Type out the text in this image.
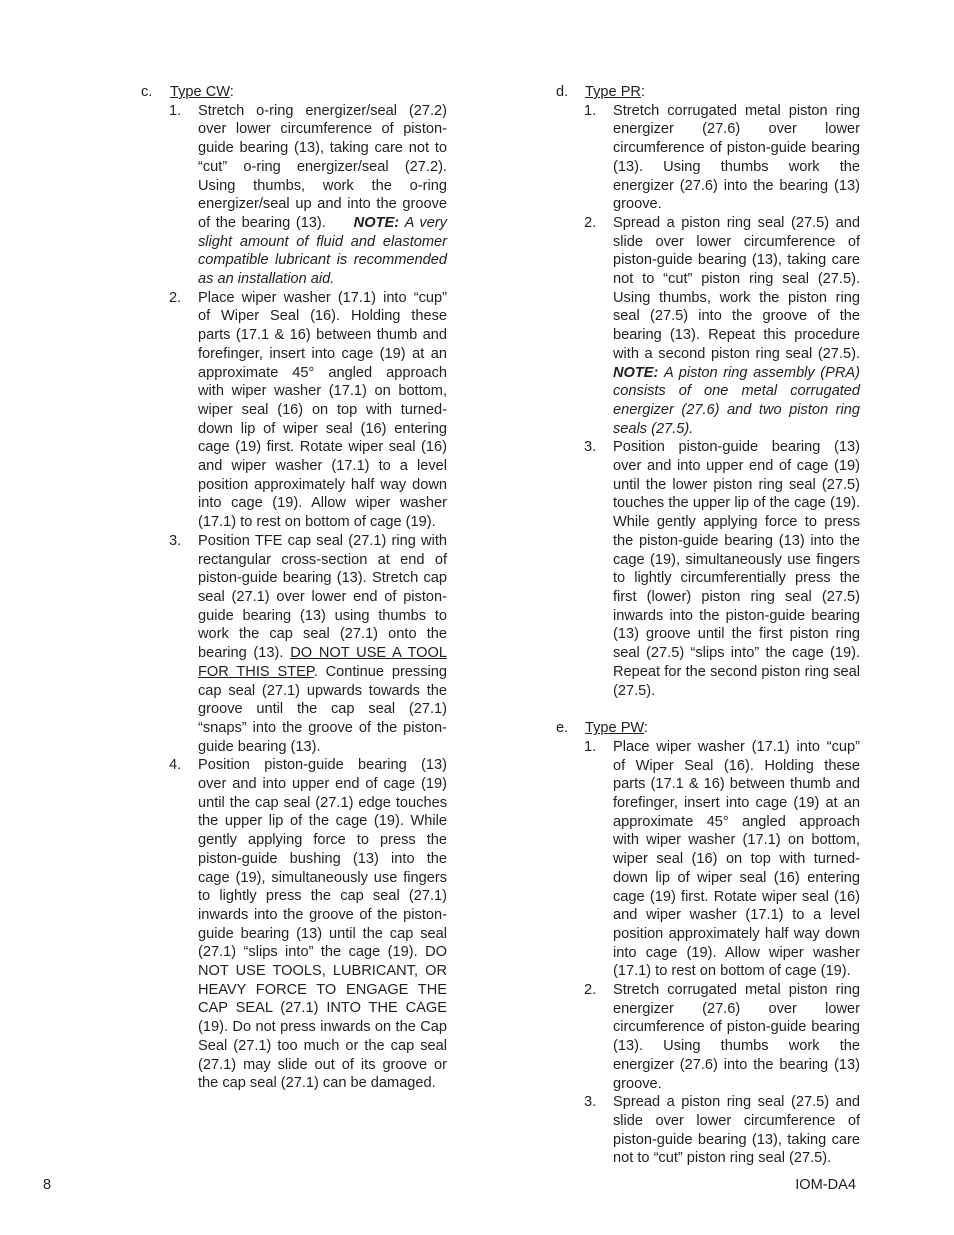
c. Type CW:
1. Stretch o-ring energizer/seal (27.2) over lower circumference of piston-guide bearing (13), taking care not to “cut” o-ring energizer/seal (27.2). Using thumbs, work the o-ring energizer/seal up and into the groove of the bearing (13). NOTE: A very slight amount of fluid and elastomer compatible lubricant is recommended as an installation aid.
2. Place wiper washer (17.1) into “cup” of Wiper Seal (16). Holding these parts (17.1 & 16) between thumb and forefinger, insert into cage (19) at an approximate 45° angled approach with wiper washer (17.1) on bottom, wiper seal (16) on top with turned-down lip of wiper seal (16) entering cage (19) first. Rotate wiper seal (16) and wiper washer (17.1) to a level position approximately half way down into cage (19). Allow wiper washer (17.1) to rest on bottom of cage (19).
3. Position TFE cap seal (27.1) ring with rectangular cross-section at end of piston-guide bearing (13). Stretch cap seal (27.1) over lower end of piston-guide bearing (13) using thumbs to work the cap seal (27.1) onto the bearing (13). DO NOT USE A TOOL FOR THIS STEP. Continue pressing cap seal (27.1) upwards towards the groove until the cap seal (27.1) “snaps” into the groove of the piston-guide bearing (13).
4. Position piston-guide bearing (13) over and into upper end of cage (19) until the cap seal (27.1) edge touches the upper lip of the cage (19). While gently applying force to press the piston-guide bushing (13) into the cage (19), simultaneously use fingers to lightly press the cap seal (27.1) inwards into the groove of the piston-guide bearing (13) until the cap seal (27.1) “slips into” the cage (19). DO NOT USE TOOLS, LUBRICANT, OR HEAVY FORCE TO ENGAGE THE CAP SEAL (27.1) INTO THE CAGE (19). Do not press inwards on the Cap Seal (27.1) too much or the cap seal (27.1) may slide out of its groove or the cap seal (27.1) can be damaged.
d. Type PR:
1. Stretch corrugated metal piston ring energizer (27.6) over lower circumference of piston-guide bearing (13). Using thumbs work the energizer (27.6) into the bearing (13) groove.
2. Spread a piston ring seal (27.5) and slide over lower circumference of piston-guide bearing (13), taking care not to “cut” piston ring seal (27.5). Using thumbs, work the piston ring seal (27.5) into the groove of the bearing (13). Repeat this procedure with a second piston ring seal (27.5). NOTE: A piston ring assembly (PRA) consists of one metal corrugated energizer (27.6) and two piston ring seals (27.5).
3. Position piston-guide bearing (13) over and into upper end of cage (19) until the lower piston ring seal (27.5) touches the upper lip of the cage (19). While gently applying force to press the piston-guide bearing (13) into the cage (19), simultaneously use fingers to lightly circumferentially press the first (lower) piston ring seal (27.5) inwards into the piston-guide bearing (13) groove until the first piston ring seal (27.5) “slips into” the cage (19). Repeat for the second piston ring seal (27.5).
e. Type PW:
1. Place wiper washer (17.1) into “cup” of Wiper Seal (16). Holding these parts (17.1 & 16) between thumb and forefinger, insert into cage (19) at an approximate 45° angled approach with wiper washer (17.1) on bottom, wiper seal (16) on top with turned-down lip of wiper seal (16) entering cage (19) first. Rotate wiper seal (16) and wiper washer (17.1) to a level position approximately half way down into cage (19). Allow wiper washer (17.1) to rest on bottom of cage (19).
2. Stretch corrugated metal piston ring energizer (27.6) over lower circumference of piston-guide bearing (13). Using thumbs work the energizer (27.6) into the bearing (13) groove.
3. Spread a piston ring seal (27.5) and slide over lower circumference of piston-guide bearing (13), taking care not to “cut” piston ring seal (27.5).
8	IOM-DA4
